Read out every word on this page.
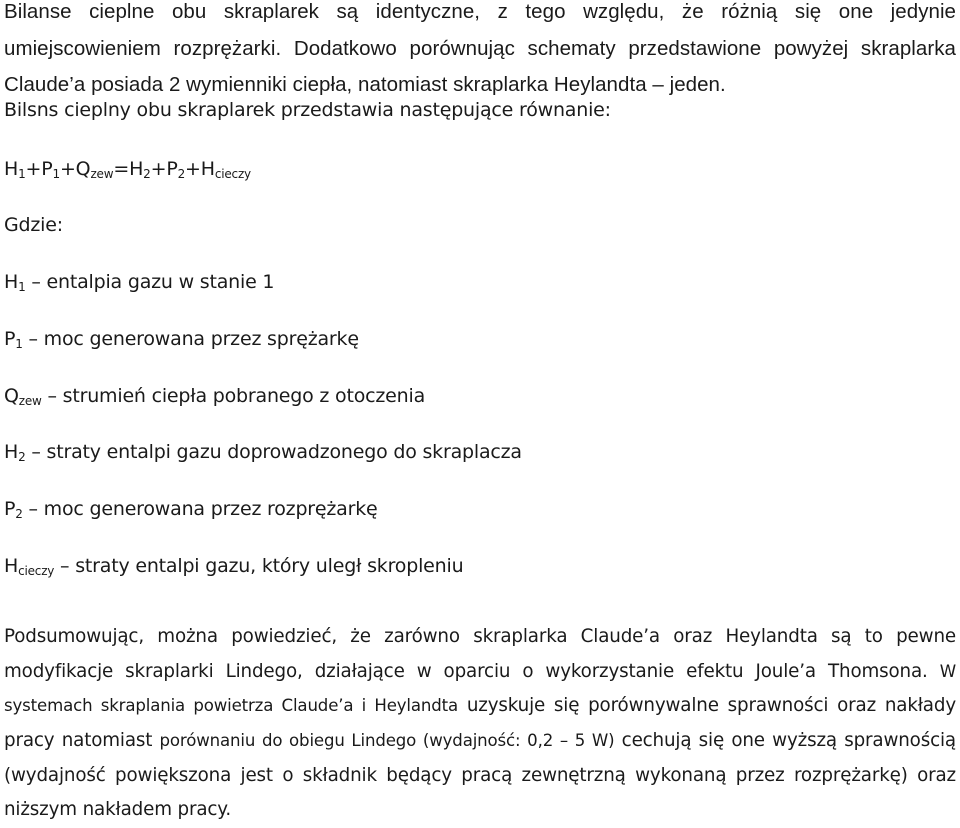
Bilanse cieplne obu skraplarek są identyczne, z tego względu, że różnią się one jedynie umiejscowieniem rozprężarki. Dodatkowo porównując schematy przedstawione powyżej skraplarka Claude’a posiada 2 wymienniki ciepła, natomiast skraplarka Heylandta – jeden.

Bilsns cieplny obu skraplarek przedstawia następujące równanie:
$H_1+P_1+Q_{zew}=H_2+P_2+H_{cieczy}$
Gdzie:
$H_1$ – entalpia gazu w stanie 1
$P_1$ – moc generowana przez sprężarkę
$Q_{zew}$ – strumień ciepła pobranego z otoczenia
$H_2$ – straty entalpi gazu doprowadzonego do skraplacza
$P_2$ – moc generowana przez rozprężarkę
$H_{cieczy}$ – straty entalpi gazu, który uległ skropleniu

Podsumowując, można powiedzieć, że zarówno skraplarka Claude’a oraz Heylandta są to pewne modyfikacje skraplarki Lindego, działające w oparciu o wykorzystanie efektu Joule’a Thomsona. W systemach skraplania powietrza Claude’a i Heylandta uzyskuje się porównywalne sprawności oraz nakłady pracy natomiast porównaniu do obiegu Lindego (wydajność: 0,2 – 5 W) cechują się one wyższą sprawnością (wydajność powiększona jest o składnik będący pracą zewnętrzną wykonaną przez rozprężarkę) oraz niższym nakładem pracy.
